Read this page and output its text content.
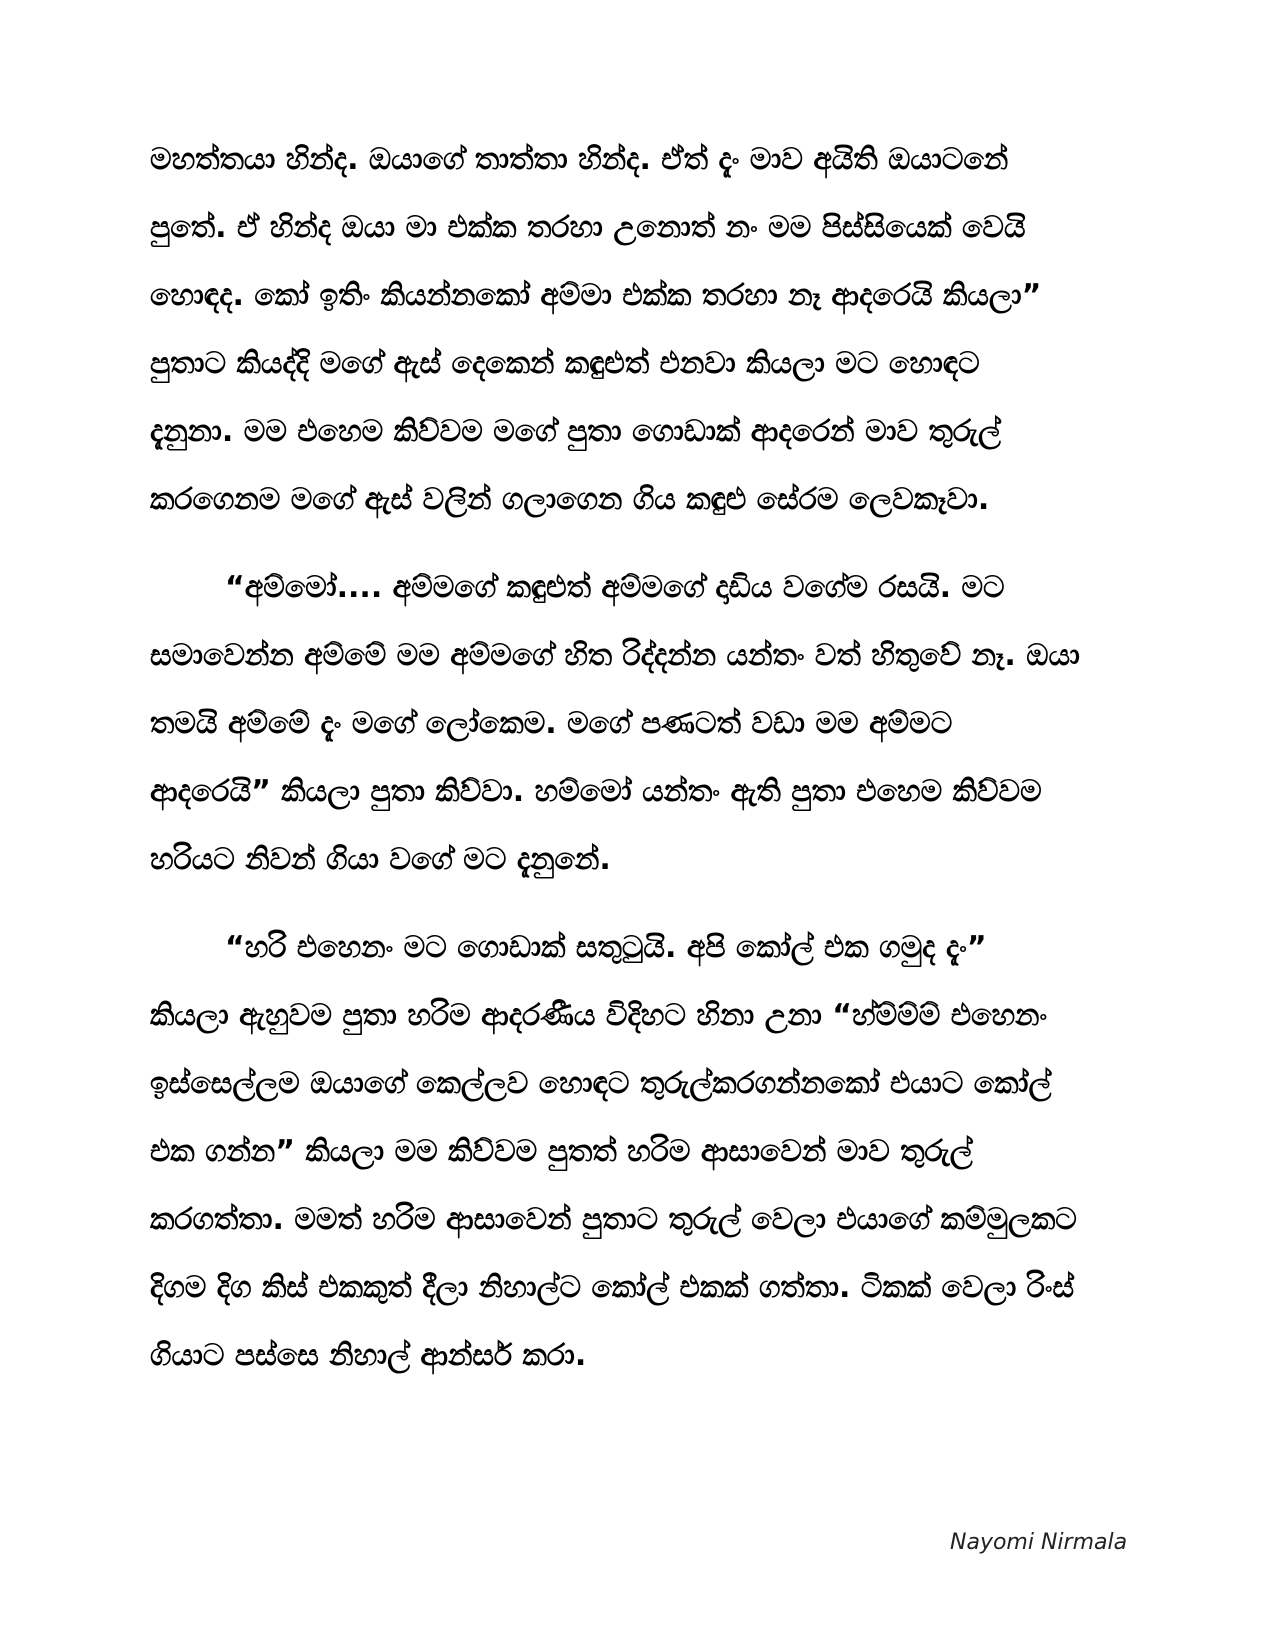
මහත්තයා හින්ද. ඔයාගේ තාත්තා හින්ද. ඒත් දැං මාව අයිති ඔයාටනේ
පුතේ. ඒ හින්ද ඔයා මා එක්ක තරහා උනොත් නං මම පිස්සියෙක් වෙයි
හොඳද. කෝ ඉතිං කියන්නකෝ අම්මා එක්ක තරහා නෑ ආදරෙයි කියලා”
පුතාට කියද්දි මගේ ඇස් දෙකෙන් කඳුළුත් එනවා කියලා මට හොඳට
දැනුනා. මම එහෙම කිව්වම මගේ පුතා ගොඩාක් ආදරෙන් මාව තුරුල්
කරගෙනම මගේ ඇස් වලින් ගලාගෙන ගිය කඳුළු සේරම ලෙවකෑවා.
“අම්මෝ.... අම්මගේ කඳුළුත් අම්මගේ දාඩිය වගේම රසයි. මට
සමාවෙන්න අම්මේ මම අම්මගේ හිත රිද්දන්න යන්තං වත් හිතුවේ නෑ. ඔයා
තමයි අම්මේ දැං මගේ ලෝකෙම. මගේ පණටත් වඩා මම අම්මට
ආදරෙයි” කියලා පුතා කිව්වා. හම්මෝ යන්තං ඇති පුතා එහෙම කිව්වම
හරියට නිවන් ගියා වගේ මට දැනුනේ.
“හරි එහෙනං මට ගොඩාක් සතුටුයි. අපි කෝල් එක ගමුද දැං”
කියලා ඇහුවම පුතා හරිම ආදරණීය විදිහට හිනා උනා “හ්ම්ම්ම් එහෙනං
ඉස්සෙල්ලම ඔයාගේ කෙල්ලව හොඳට තුරුල්කරගන්නකෝ එයාට කෝල්
එක ගන්න” කියලා මම කිව්වම පුතත් හරිම ආසාවෙන් මාව තුරුල්
කරගත්තා. මමත් හරිම ආසාවෙන් පුතාට තුරුල් වෙලා එයාගේ කම්මුලකට
දිගම දිග කිස් එකකුත් දීලා නිහාල්ට කෝල් එකක් ගත්තා. ටිකක් වෙලා රිංස්
ගියාට පස්සෙ නිහාල් ආන්සර් කරා.
Nayomi Nirmala
